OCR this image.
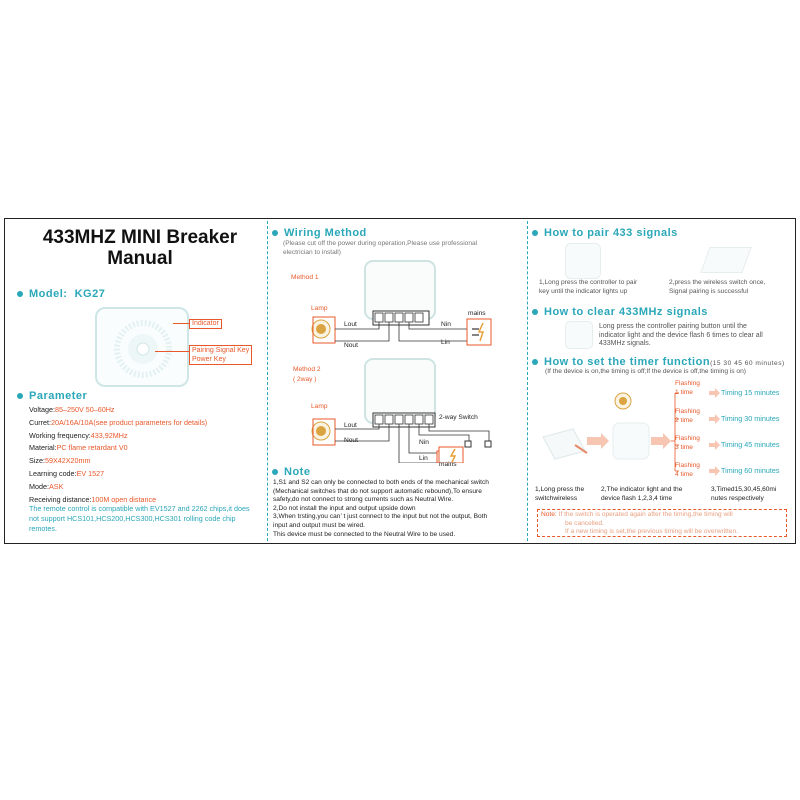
433MHZ MINI Breaker
Manual
Model: KG27
Indicator
Pairing Signal Key
Power Key
Parameter
Voltage:85–250V 50–60Hz
Curret:20A/16A/10A(see product parameters for details)
Working frequency:433,92MHz
Material:PC flame retardant V0
Size:59X42X20mm
Learning code:EV 1527
Mode:ASK
Receiving distance:100M open distance
The remote control is compatible with EV1527 and 2262 chips,it does
not support HCS101,HCS200,HCS300,HCS301 rolling code chip
remotes.
Wiring Method
(Please cut off the power during operation,Please use professional
electrician to install)
Method 1
Lamp
Lout
Nout
Nin
Lin
mains
Method 2
( 2way )
Lamp
Lout
Nout
2-way Switch
Nin
Lin
mains
Note
1,S1 and S2 can only be connected to both ends of the mechanical switch
(Mechanical switches that do not support automatic rebound),To ensure
safety,do not connect to strong currents such as Neutral Wire.
2,Do not install the input and output upside down
3,When trsting,you can’ t just connect to the input but not the output, Both
input and output must be wired.
This device must be connected to the Neutral Wire to be used.
How to pair 433 signals
1,Long press the controller to pair
key until the indicator lights up
2,press the wireless switch once,
Signal pairing is successful
How to clear 433MHz signals
Long press the controller pairing button until the
indicator light and the device flash 6 times to clear all
433MHz signals.
How to set the timer function(15 30 45 60 minutes)
(If the device is on,the timing is off;If the device is off,the timing is on)
Flashing
1 time
Flashing
2 time
Flashing
3 time
Flashing
4 time
Timing 15 minutes
Timing 30 minutes
Timing 45 minutes
Timing 60 minutes
1,Long press the
switchwireless
2,The indicator light and the
device flash 1,2,3,4 time
3,Timed15,30,45,60mi
nutes respectively
Note: If the switch is operated again after the timing,the timing will
be cancelled.
If a new timing is set,the previous timing will be overwritten.
